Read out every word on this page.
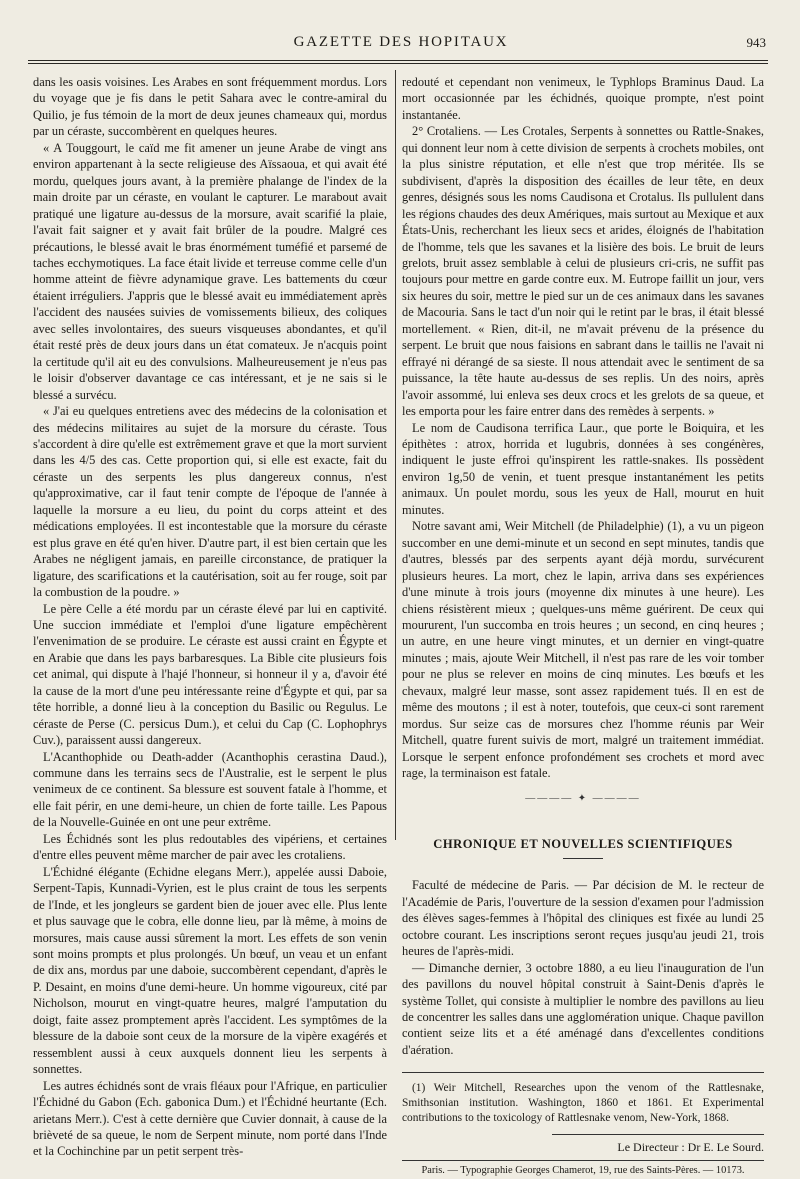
GAZETTE DES HOPITAUX	943

dans les oasis voisines. Les Arabes en sont fréquemment mordus. Lors du voyage que je fis dans le petit Sahara avec le contre-amiral du Quilio, je fus témoin de la mort de deux jeunes chameaux qui, mordus par un céraste, succombèrent en quelques heures.

« A Touggourt, le caïd me fit amener un jeune Arabe de vingt ans environ appartenant à la secte religieuse des Aïssaoua, et qui avait été mordu, quelques jours avant, à la première phalange de l'index de la main droite par un céraste, en voulant le capturer. Le marabout avait pratiqué une ligature au-dessus de la morsure, avait scarifié la plaie, l'avait fait saigner et y avait fait brûler de la poudre. Malgré ces précautions, le blessé avait le bras énormément tuméfié et parsemé de taches ecchymotiques. La face était livide et terreuse comme celle d'un homme atteint de fièvre adynamique grave. Les battements du cœur étaient irréguliers. J'appris que le blessé avait eu immédiatement après l'accident des nausées suivies de vomissements bilieux, des coliques avec selles involontaires, des sueurs visqueuses abondantes, et qu'il était resté près de deux jours dans un état comateux. Je n'acquis point la certitude qu'il ait eu des convulsions. Malheureusement je n'eus pas le loisir d'observer davantage ce cas intéressant, et je ne sais si le blessé a survécu.

« J'ai eu quelques entretiens avec des médecins de la colonisation et des médecins militaires au sujet de la morsure du céraste. Tous s'accordent à dire qu'elle est extrêmement grave et que la mort survient dans les 4/5 des cas. Cette proportion qui, si elle est exacte, fait du céraste un des serpents les plus dangereux connus, n'est qu'approximative, car il faut tenir compte de l'époque de l'année à laquelle la morsure a eu lieu, du point du corps atteint et des médications employées. Il est incontestable que la morsure du céraste est plus grave en été qu'en hiver. D'autre part, il est bien certain que les Arabes ne négligent jamais, en pareille circonstance, de pratiquer la ligature, des scarifications et la cautérisation, soit au fer rouge, soit par la combustion de la poudre. »

Le père Celle a été mordu par un céraste élevé par lui en captivité. Une succion immédiate et l'emploi d'une ligature empêchèrent l'envenimation de se produire. Le céraste est aussi craint en Égypte et en Arabie que dans les pays barbaresques. La Bible cite plusieurs fois cet animal, qui dispute à l'hajé l'honneur, si honneur il y a, d'avoir été la cause de la mort d'une peu intéressante reine d'Égypte et qui, par sa tête horrible, a donné lieu à la conception du Basilic ou Regulus. Le céraste de Perse (C. persicus Dum.), et celui du Cap (C. Lophophrys Cuv.), paraissent aussi dangereux.

L'Acanthophide ou Death-adder (Acanthophis cerastina Daud.), commune dans les terrains secs de l'Australie, est le serpent le plus venimeux de ce continent. Sa blessure est souvent fatale à l'homme, et elle fait périr, en une demi-heure, un chien de forte taille. Les Papous de la Nouvelle-Guinée en ont une peur extrême.

Les Échidnés sont les plus redoutables des vipériens, et certaines d'entre elles peuvent même marcher de pair avec les crotaliens.

L'Échidné élégante (Echidne elegans Merr.), appelée aussi Daboie, Serpent-Tapis, Kunnadi-Vyrien, est le plus craint de tous les serpents de l'Inde, et les jongleurs se gardent bien de jouer avec elle. Plus lente et plus sauvage que le cobra, elle donne lieu, par là même, à moins de morsures, mais cause aussi sûrement la mort. Les effets de son venin sont moins prompts et plus prolongés. Un bœuf, un veau et un enfant de dix ans, mordus par une daboie, succombèrent cependant, d'après le P. Desaint, en moins d'une demi-heure. Un homme vigoureux, cité par Nicholson, mourut en vingt-quatre heures, malgré l'amputation du doigt, faite assez promptement après l'accident. Les symptômes de la blessure de la daboie sont ceux de la morsure de la vipère exagérés et ressemblent aussi à ceux auxquels donnent lieu les serpents à sonnettes.

Les autres échidnés sont de vrais fléaux pour l'Afrique, en particulier l'Échidné du Gabon (Ech. gabonica Dum.) et l'Échidné heurtante (Ech. arietans Merr.). C'est à cette dernière que Cuvier donnait, à cause de la brièveté de sa queue, le nom de Serpent minute, nom porté dans l'Inde et la Cochinchine par un petit serpent très-

redouté et cependant non venimeux, le Typhlops Braminus Daud. La mort occasionnée par les échidnés, quoique prompte, n'est point instantanée.

2° Crotaliens. — Les Crotales, Serpents à sonnettes ou Rattle-Snakes, qui donnent leur nom à cette division de serpents à crochets mobiles, ont la plus sinistre réputation, et elle n'est que trop méritée. Ils se subdivisent, d'après la disposition des écailles de leur tête, en deux genres, désignés sous les noms Caudisona et Crotalus. Ils pullulent dans les régions chaudes des deux Amériques, mais surtout au Mexique et aux États-Unis, recherchant les lieux secs et arides, éloignés de l'habitation de l'homme, tels que les savanes et la lisière des bois. Le bruit de leurs grelots, bruit assez semblable à celui de plusieurs cri-cris, ne suffit pas toujours pour mettre en garde contre eux. M. Eutrope faillit un jour, vers six heures du soir, mettre le pied sur un de ces animaux dans les savanes de Macouria. Sans le tact d'un noir qui le retint par le bras, il était blessé mortellement. « Rien, dit-il, ne m'avait prévenu de la présence du serpent. Le bruit que nous faisions en sabrant dans le taillis ne l'avait ni effrayé ni dérangé de sa sieste. Il nous attendait avec le sentiment de sa puissance, la tête haute au-dessus de ses replis. Un des noirs, après l'avoir assommé, lui enleva ses deux crocs et les grelots de sa queue, et les emporta pour les faire entrer dans des remèdes à serpents. »

Le nom de Caudisona terrifica Laur., que porte le Boiquira, et les épithètes : atrox, horrida et lugubris, données à ses congénères, indiquent le juste effroi qu'inspirent les rattle-snakes. Ils possèdent environ 1g,50 de venin, et tuent presque instantanément les petits animaux. Un poulet mordu, sous les yeux de Hall, mourut en huit minutes.

Notre savant ami, Weir Mitchell (de Philadelphie) (1), a vu un pigeon succomber en une demi-minute et un second en sept minutes, tandis que d'autres, blessés par des serpents ayant déjà mordu, survécurent plusieurs heures. La mort, chez le lapin, arriva dans ses expériences d'une minute à trois jours (moyenne dix minutes à une heure). Les chiens résistèrent mieux ; quelques-uns même guérirent. De ceux qui moururent, l'un succomba en trois heures ; un second, en cinq heures ; un autre, en une heure vingt minutes, et un dernier en vingt-quatre minutes ; mais, ajoute Weir Mitchell, il n'est pas rare de les voir tomber pour ne plus se relever en moins de cinq minutes. Les bœufs et les chevaux, malgré leur masse, sont assez rapidement tués. Il en est de même des moutons ; il est à noter, toutefois, que ceux-ci sont rarement mordus. Sur seize cas de morsures chez l'homme réunis par Weir Mitchell, quatre furent suivis de mort, malgré un traitement immédiat. Lorsque le serpent enfonce profondément ses crochets et mord avec rage, la terminaison est fatale.

———— ✦ ————
CHRONIQUE ET NOUVELLES SCIENTIFIQUES

Faculté de médecine de Paris. — Par décision de M. le recteur de l'Académie de Paris, l'ouverture de la session d'examen pour l'admission des élèves sages-femmes à l'hôpital des cliniques est fixée au lundi 25 octobre courant. Les inscriptions seront reçues jusqu'au jeudi 21, trois heures de l'après-midi.

— Dimanche dernier, 3 octobre 1880, a eu lieu l'inauguration de l'un des pavillons du nouvel hôpital construit à Saint-Denis d'après le système Tollet, qui consiste à multiplier le nombre des pavillons au lieu de concentrer les salles dans une agglomération unique. Chaque pavillon contient seize lits et a été aménagé dans d'excellentes conditions d'aération.

(1) Weir Mitchell, Researches upon the venom of the Rattlesnake, Smithsonian institution. Washington, 1860 et 1861. Et Experimental contributions to the toxicology of Rattlesnake venom, New-York, 1868.

Le Directeur : Dr E. Le Sourd.
Paris. — Typographie Georges Chamerot, 19, rue des Saints-Pères. — 10173.
